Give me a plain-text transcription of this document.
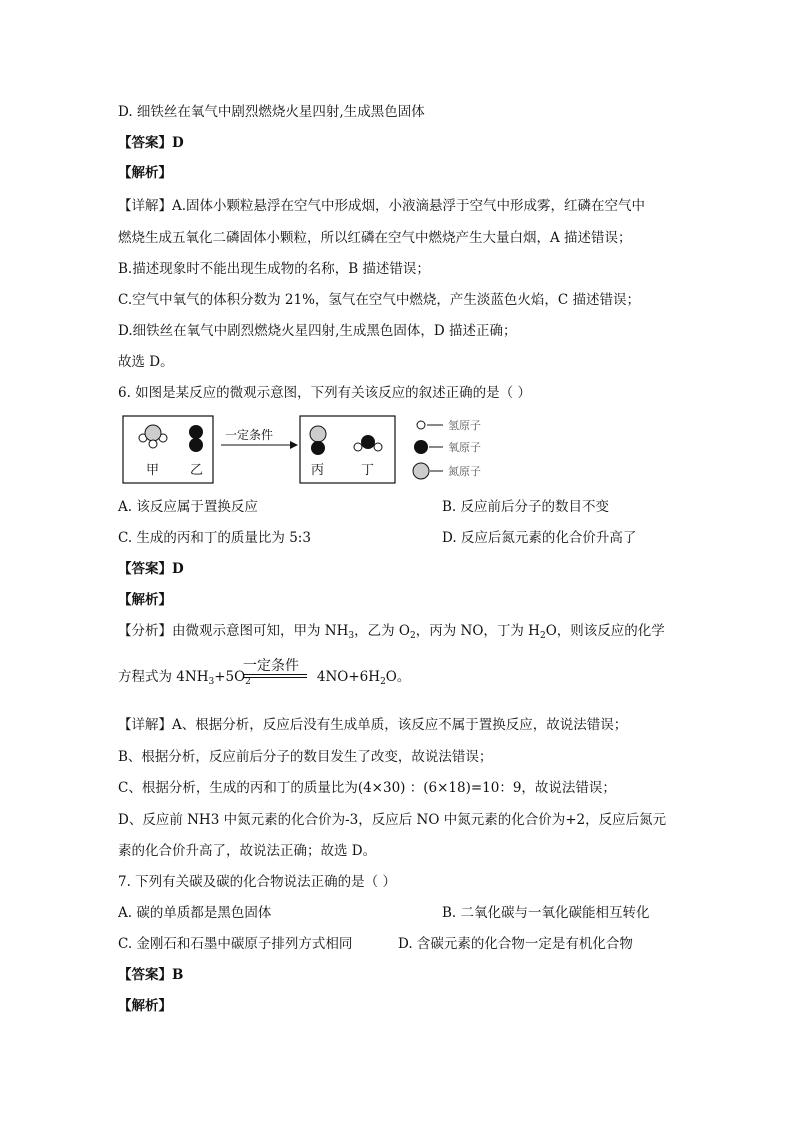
D. 细铁丝在氧气中剧烈燃烧火星四射,生成黑色固体
【答案】D
【解析】
【详解】A.固体小颗粒悬浮在空气中形成烟，小液滴悬浮于空气中形成雾，红磷在空气中
燃烧生成五氧化二磷固体小颗粒，所以红磷在空气中燃烧产生大量白烟，A 描述错误；
B.描述现象时不能出现生成物的名称，B 描述错误；
C.空气中氧气的体积分数为 21%，氢气在空气中燃烧，产生淡蓝色火焰，C 描述错误；
D.细铁丝在氧气中剧烈燃烧火星四射,生成黑色固体，D 描述正确；
故选 D。
6. 如图是某反应的微观示意图，下列有关该反应的叙述正确的是（ ）
甲 乙
一定条件
丙	丁
氢原子
氧原子
氮原子
A. 该反应属于置换反应	B. 反应前后分子的数目不变
C. 生成的丙和丁的质量比为 5:3	D. 反应后氮元素的化合价升高了
【答案】D
【解析】
【分析】由微观示意图可知，甲为 $NH_3$，乙为 $O_2$，丙为 NO，丁为 $H_2O$，则该反应的化学
一定条件
方程式为 $4NH_3+5O_2$	$4NO+6H_2O$。
【详解】A、根据分析，反应后没有生成单质，该反应不属于置换反应，故说法错误；
B、根据分析，反应前后分子的数目发生了改变，故说法错误；
C、根据分析，生成的丙和丁的质量比为(4×30) ：(6×18)=10：9，故说法错误；
D、反应前 NH3 中氮元素的化合价为-3，反应后 NO 中氮元素的化合价为+2，反应后氮元
素的化合价升高了，故说法正确；故选 D。
7. 下列有关碳及碳的化合物说法正确的是（ ）
A. 碳的单质都是黑色固体	B. 二氧化碳与一氧化碳能相互转化
C. 金刚石和石墨中碳原子排列方式相同	D. 含碳元素的化合物一定是有机化合物
【答案】B
【解析】
